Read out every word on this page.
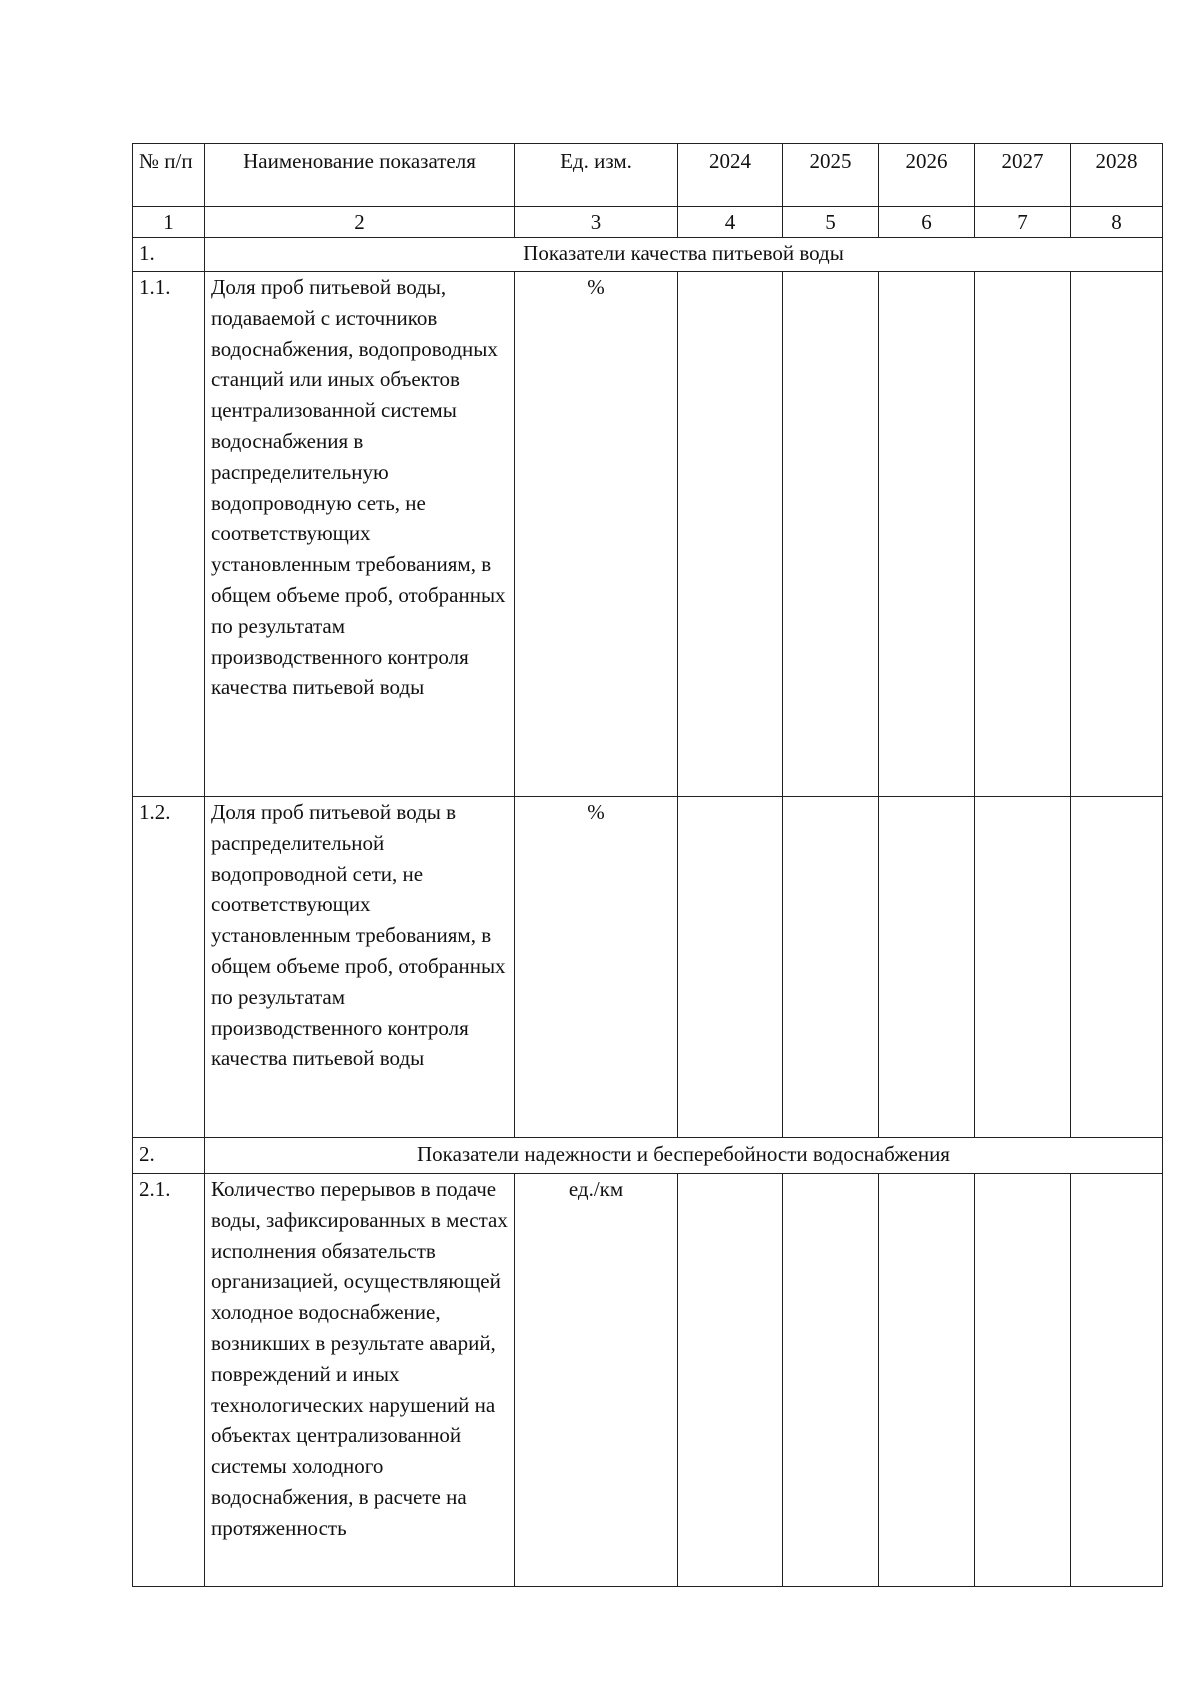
№ п/п	Наименование показателя	Ед. изм.	2024	2025	2026	2027	2028
1	2	3	4	5	6	7	8
1.	Показатели качества питьевой воды						
1.1.	Доля проб питьевой воды, подаваемой с источников водоснабжения, водопроводных станций или иных объектов централизованной системы водоснабжения в распределительную водопроводную сеть, не соответствующих установленным требованиям, в общем объеме проб, отобранных по результатам производственного контроля качества питьевой воды	%					
1.2.	Доля проб питьевой воды в распределительной водопроводной сети, не соответствующих установленным требованиям, в общем объеме проб, отобранных по результатам производственного контроля качества питьевой воды	%					
2.	Показатели надежности и бесперебойности водоснабжения						
2.1.	Количество перерывов в подаче воды, зафиксированных в местах исполнения обязательств организацией, осуществляющей холодное водоснабжение, возникших в результате аварий, повреждений и иных технологических нарушений на объектах централизованной системы холодного водоснабжения, в расчете на протяженность	ед./км					
